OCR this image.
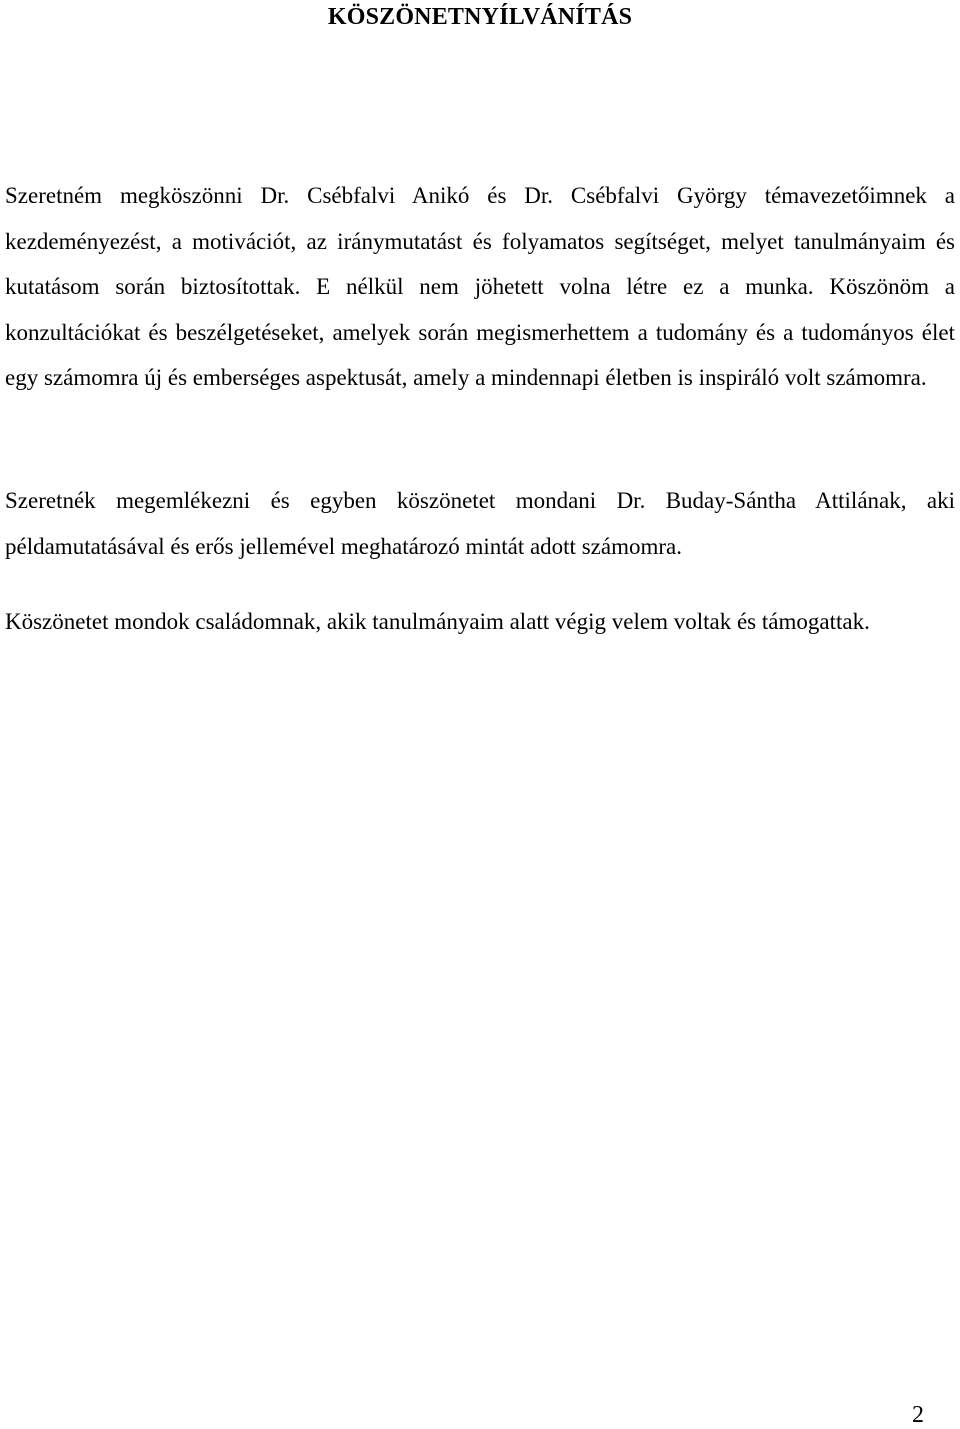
KÖSZÖNETNYÍLVÁNÍTÁS

Szeretném megköszönni Dr. Csébfalvi Anikó és Dr. Csébfalvi György témavezetőimnek a kezdeményezést, a motivációt, az iránymutatást és folyamatos segítséget, melyet tanulmányaim és kutatásom során biztosítottak. E nélkül nem jöhetett volna létre ez a munka. Köszönöm a konzultációkat és beszélgetéseket, amelyek során megismerhettem a tudomány és a tudományos élet egy számomra új és emberséges aspektusát, amely a mindennapi életben is inspiráló volt számomra.

Szeretnék megemlékezni és egyben köszönetet mondani Dr. Buday-Sántha Attilának, aki példamutatásával és erős jellemével meghatározó mintát adott számomra.

Köszönetet mondok családomnak, akik tanulmányaim alatt végig velem voltak és támogattak.

2
